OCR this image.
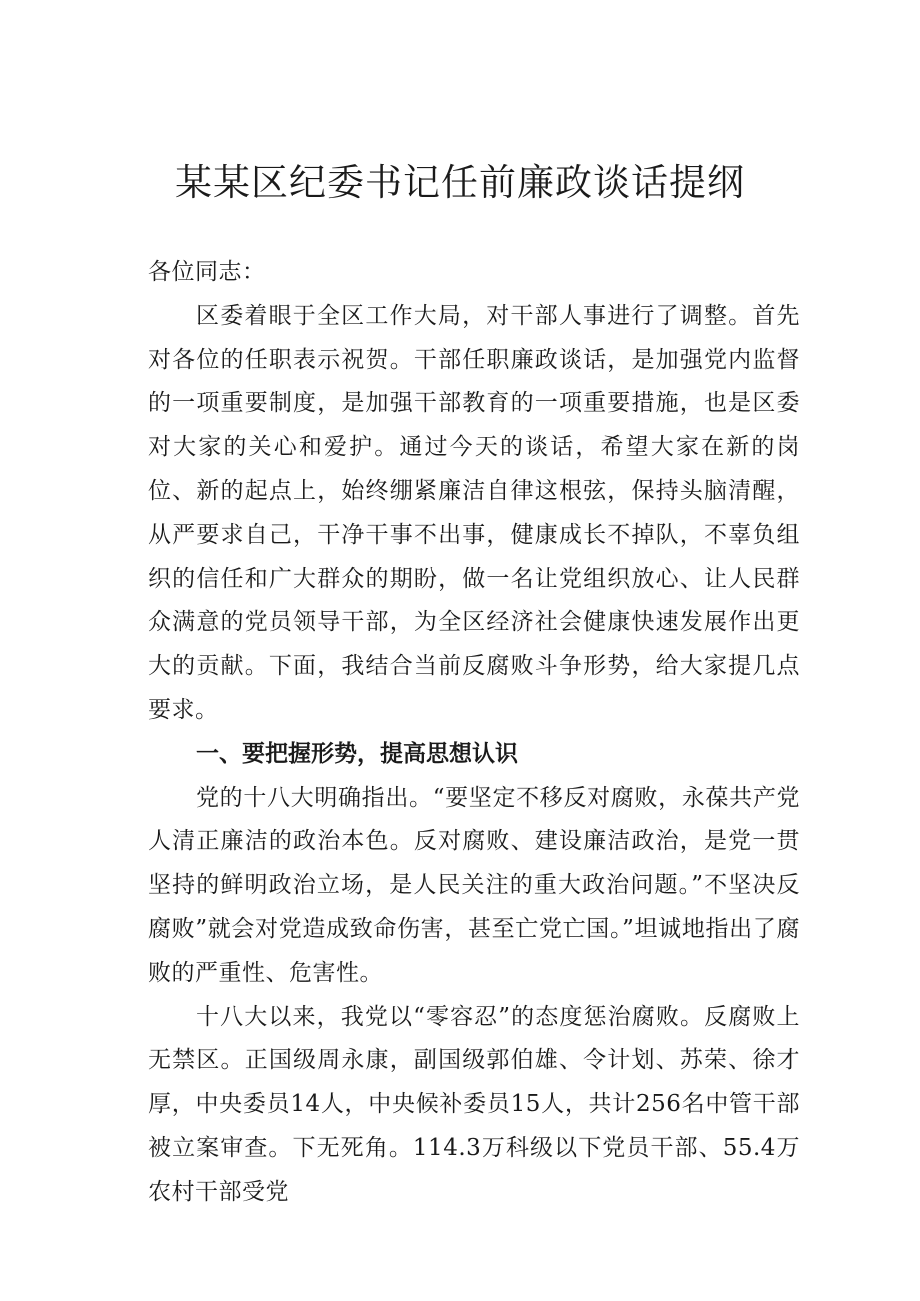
某某区纪委书记任前廉政谈话提纲

各位同志：

区委着眼于全区工作大局，对干部人事进行了调整。首先对各位的任职表示祝贺。干部任职廉政谈话，是加强党内监督的一项重要制度，是加强干部教育的一项重要措施，也是区委对大家的关心和爱护。通过今天的谈话，希望大家在新的岗位、新的起点上，始终绷紧廉洁自律这根弦，保持头脑清醒，从严要求自己，干净干事不出事，健康成长不掉队，不辜负组织的信任和广大群众的期盼，做一名让党组织放心、让人民群众满意的党员领导干部，为全区经济社会健康快速发展作出更大的贡献。下面，我结合当前反腐败斗争形势，给大家提几点要求。

一、要把握形势，提高思想认识

党的十八大明确指出。“要坚定不移反对腐败，永葆共产党人清正廉洁的政治本色。反对腐败、建设廉洁政治，是党一贯坚持的鲜明政治立场，是人民关注的重大政治问题。”不坚决反腐败”就会对党造成致命伤害，甚至亡党亡国。”坦诚地指出了腐败的严重性、危害性。

十八大以来，我党以“零容忍”的态度惩治腐败。反腐败上无禁区。正国级周永康，副国级郭伯雄、令计划、苏荣、徐才厚，中央委员14人，中央候补委员15人，共计256名中管干部被立案审查。下无死角。114.3万科级以下党员干部、55.4万农村干部受党
